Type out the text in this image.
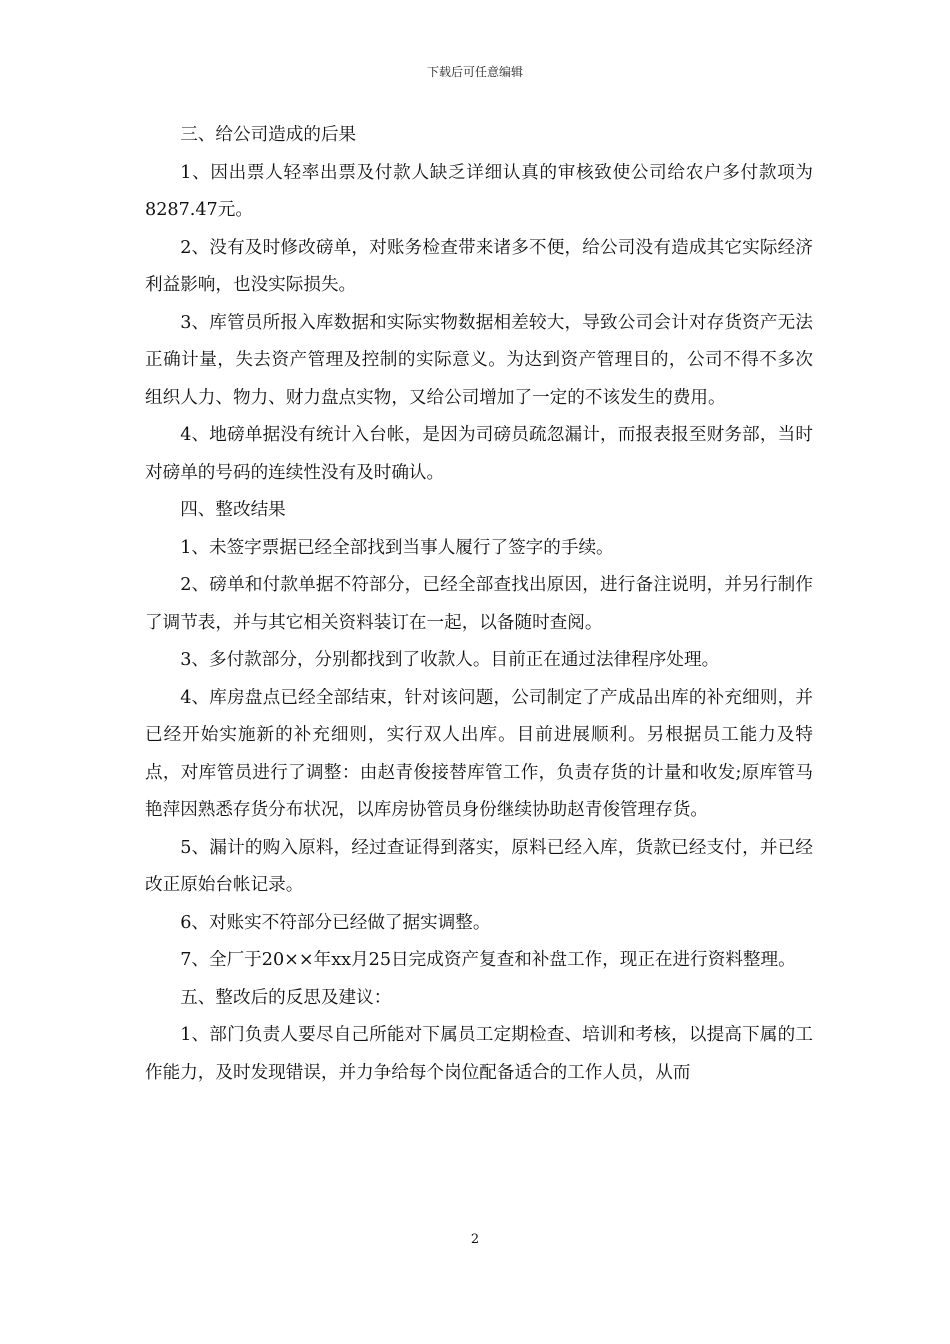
下载后可任意编辑

三、给公司造成的后果

1、因出票人轻率出票及付款人缺乏详细认真的审核致使公司给农户多付款项为8287.47元。

2、没有及时修改磅单，对账务检查带来诸多不便，给公司没有造成其它实际经济利益影响，也没实际损失。

3、库管员所报入库数据和实际实物数据相差较大，导致公司会计对存货资产无法正确计量，失去资产管理及控制的实际意义。为达到资产管理目的，公司不得不多次组织人力、物力、财力盘点实物，又给公司增加了一定的不该发生的费用。

4、地磅单据没有统计入台帐，是因为司磅员疏忽漏计，而报表报至财务部，当时对磅单的号码的连续性没有及时确认。

四、整改结果

1、未签字票据已经全部找到当事人履行了签字的手续。

2、磅单和付款单据不符部分，已经全部查找出原因，进行备注说明，并另行制作了调节表，并与其它相关资料装订在一起，以备随时查阅。

3、多付款部分，分别都找到了收款人。目前正在通过法律程序处理。

4、库房盘点已经全部结束，针对该问题，公司制定了产成品出库的补充细则，并已经开始实施新的补充细则，实行双人出库。目前进展顺利。另根据员工能力及特点，对库管员进行了调整：由赵青俊接替库管工作，负责存货的计量和收发;原库管马艳萍因熟悉存货分布状况，以库房协管员身份继续协助赵青俊管理存货。

5、漏计的购入原料，经过查证得到落实，原料已经入库，货款已经支付，并已经改正原始台帐记录。

6、对账实不符部分已经做了据实调整。

7、全厂于20××年xx月25日完成资产复查和补盘工作，现正在进行资料整理。

五、整改后的反思及建议：

1、部门负责人要尽自己所能对下属员工定期检查、培训和考核，以提高下属的工作能力，及时发现错误，并力争给每个岗位配备适合的工作人员，从而

2
